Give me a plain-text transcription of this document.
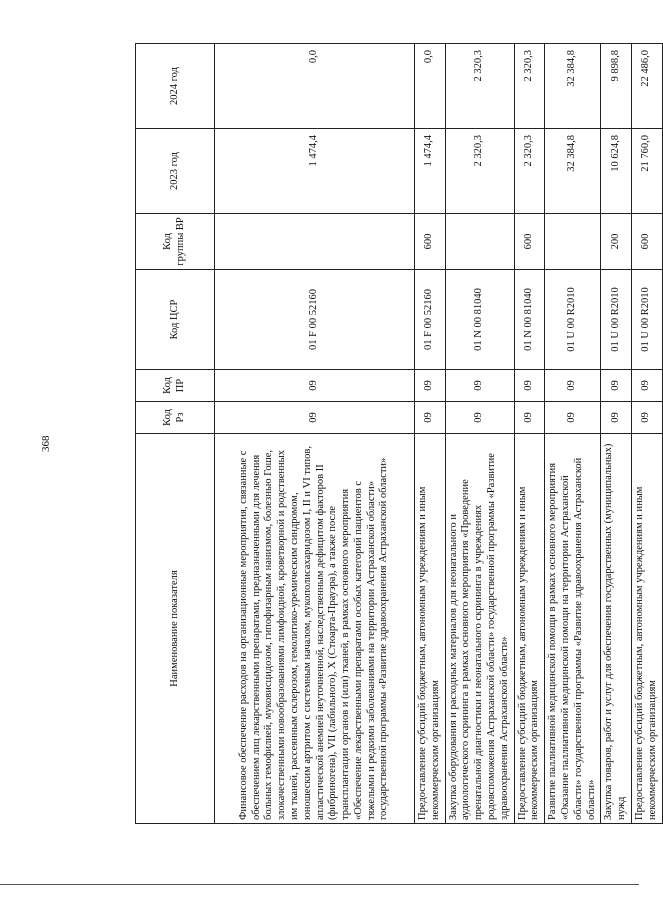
368
Наименование показателя	Код Рз	Код ПР	Код ЦСР	Код группы ВР	2023 год	2024 год
Финансовое обеспечение расходов на организационные мероприятия, связанные с обеспечением лиц лекарственными препаратами, предназначенными для лечения больных гемофилией, муковисцидозом, гипофизарным нанизмом, болезнью Гоше, злокачественными новообразованиями лимфоидной, кроветворной и родственных им тканей, рассеянным склерозом, гемолитико-уремическим синдромом, юношеским артритом с системным началом, мукополисахаридозом I, II и VI типов, апластической анемией неуточненной, наследственным дефицитом факторов II (фибриногена), VII (лабильного), X (Стюарта-Прауэра), а также после трансплантации органов и (или) тканей, в рамках основного мероприятия «Обеспечение лекарственными препаратами особых категорий пациентов с тяжелыми и редкими заболеваниями на территории Астраханской области» государственной программы «Развитие здравоохранения Астраханской области»	09	09	01 F 00 52160		1 474,4	0,0
Предоставление субсидий бюджетным, автономным учреждениям и иным некоммерческим организациям	09	09	01 F 00 52160	600	1 474,4	0,0
Закупка оборудования и расходных материалов для неонатального и аудиологического скрининга в рамках основного мероприятия «Проведение пренатальной диагностики и неонатального скрининга в учреждениях родовспоможения Астраханской области» государственной программы «Развитие здравоохранения Астраханской области»	09	09	01 N 00 81040		2 320,3	2 320,3
Предоставление субсидий бюджетным, автономным учреждениям и иным некоммерческим организациям	09	09	01 N 00 81040	600	2 320,3	2 320,3
Развитие паллиативной медицинской помощи в рамках основного мероприятия «Оказание паллиативной медицинской помощи на территории Астраханской области» государственной программы «Развитие здравоохранения Астраханской области»	09	09	01 U 00 R2010		32 384,8	32 384,8
Закупка товаров, работ и услуг для обеспечения государственных (муниципальных) нужд	09	09	01 U 00 R2010	200	10 624,8	9 898,8
Предоставление субсидий бюджетным, автономным учреждениям и иным некоммерческим организациям	09	09	01 U 00 R2010	600	21 760,0	22 486,0
